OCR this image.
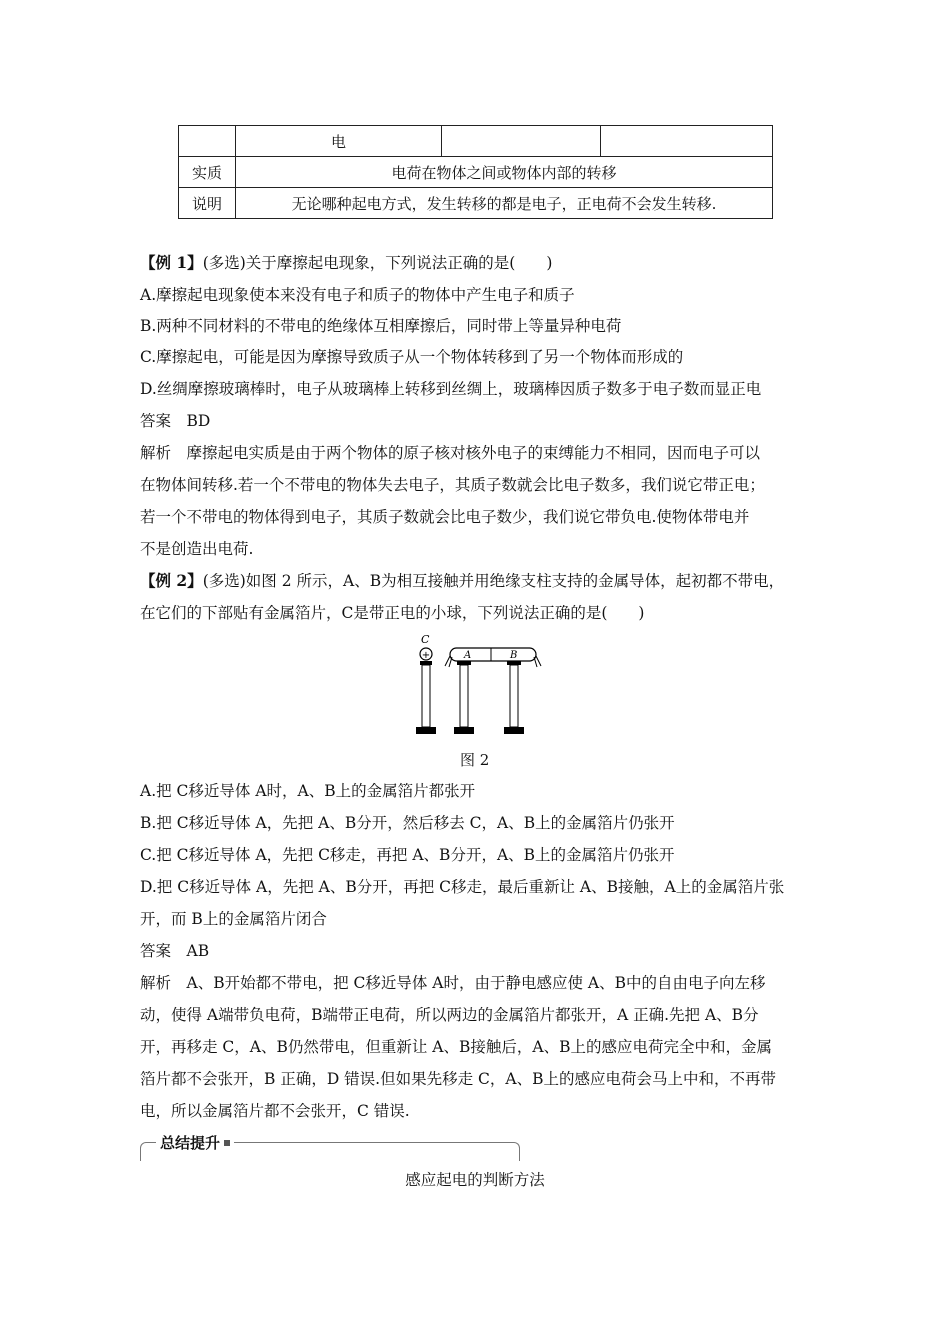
	电		
实质	电荷在物体之间或物体内部的转移		
说明	无论哪种起电方式，发生转移的都是电子，正电荷不会发生转移.		
【例 1】(多选)关于摩擦起电现象，下列说法正确的是(　　)
A.摩擦起电现象使本来没有电子和质子的物体中产生电子和质子
B.两种不同材料的不带电的绝缘体互相摩擦后，同时带上等量异种电荷
C.摩擦起电，可能是因为摩擦导致质子从一个物体转移到了另一个物体而形成的
D.丝绸摩擦玻璃棒时，电子从玻璃棒上转移到丝绸上，玻璃棒因质子数多于电子数而显正电
答案　BD
解析　摩擦起电实质是由于两个物体的原子核对核外电子的束缚能力不相同，因而电子可以
在物体间转移.若一个不带电的物体失去电子，其质子数就会比电子数多，我们说它带正电；
若一个不带电的物体得到电子，其质子数就会比电子数少，我们说它带负电.使物体带电并
不是创造出电荷.
【例 2】(多选)如图 2 所示，A、B为相互接触并用绝缘支柱支持的金属导体，起初都不带电，
在它们的下部贴有金属箔片，C是带正电的小球，下列说法正确的是(　　)
C
+	A	B
图 2
A.把 C移近导体 A时，A、B上的金属箔片都张开
B.把 C移近导体 A，先把 A、B分开，然后移去 C，A、B上的金属箔片仍张开
C.把 C移近导体 A，先把 C移走，再把 A、B分开，A、B上的金属箔片仍张开
D.把 C移近导体 A，先把 A、B分开，再把 C移走，最后重新让 A、B接触，A上的金属箔片张
开，而 B上的金属箔片闭合
答案　AB
解析　A、B开始都不带电，把 C移近导体 A时，由于静电感应使 A、B中的自由电子向左移
动，使得 A端带负电荷，B端带正电荷，所以两边的金属箔片都张开，A 正确.先把 A、B分
开，再移走 C，A、B仍然带电，但重新让 A、B接触后，A、B上的感应电荷完全中和，金属
箔片都不会张开，B 正确，D 错误.但如果先移走 C，A、B上的感应电荷会马上中和，不再带
电，所以金属箔片都不会张开，C 错误.
总结提升
感应起电的判断方法
